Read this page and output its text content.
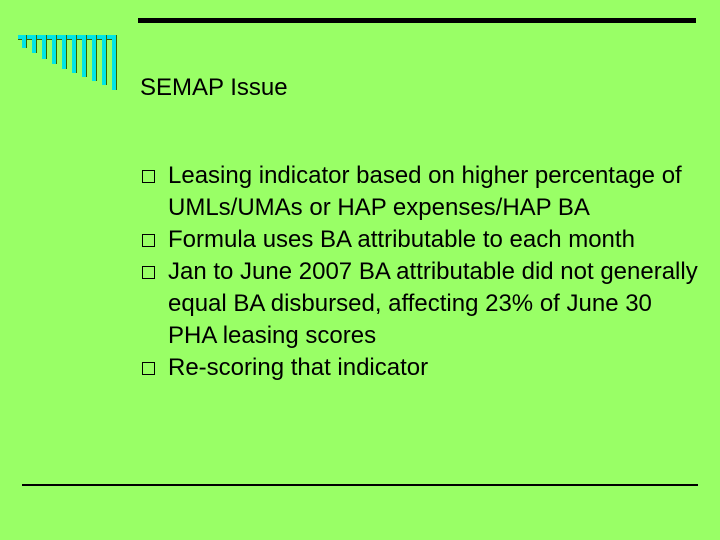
SEMAP Issue
Leasing indicator based on higher percentage of UMLs/UMAs or HAP expenses/HAP BA
Formula uses BA attributable to each month
Jan to June 2007 BA attributable did not generally equal BA disbursed, affecting 23% of June 30 PHA leasing scores
Re-scoring that indicator
